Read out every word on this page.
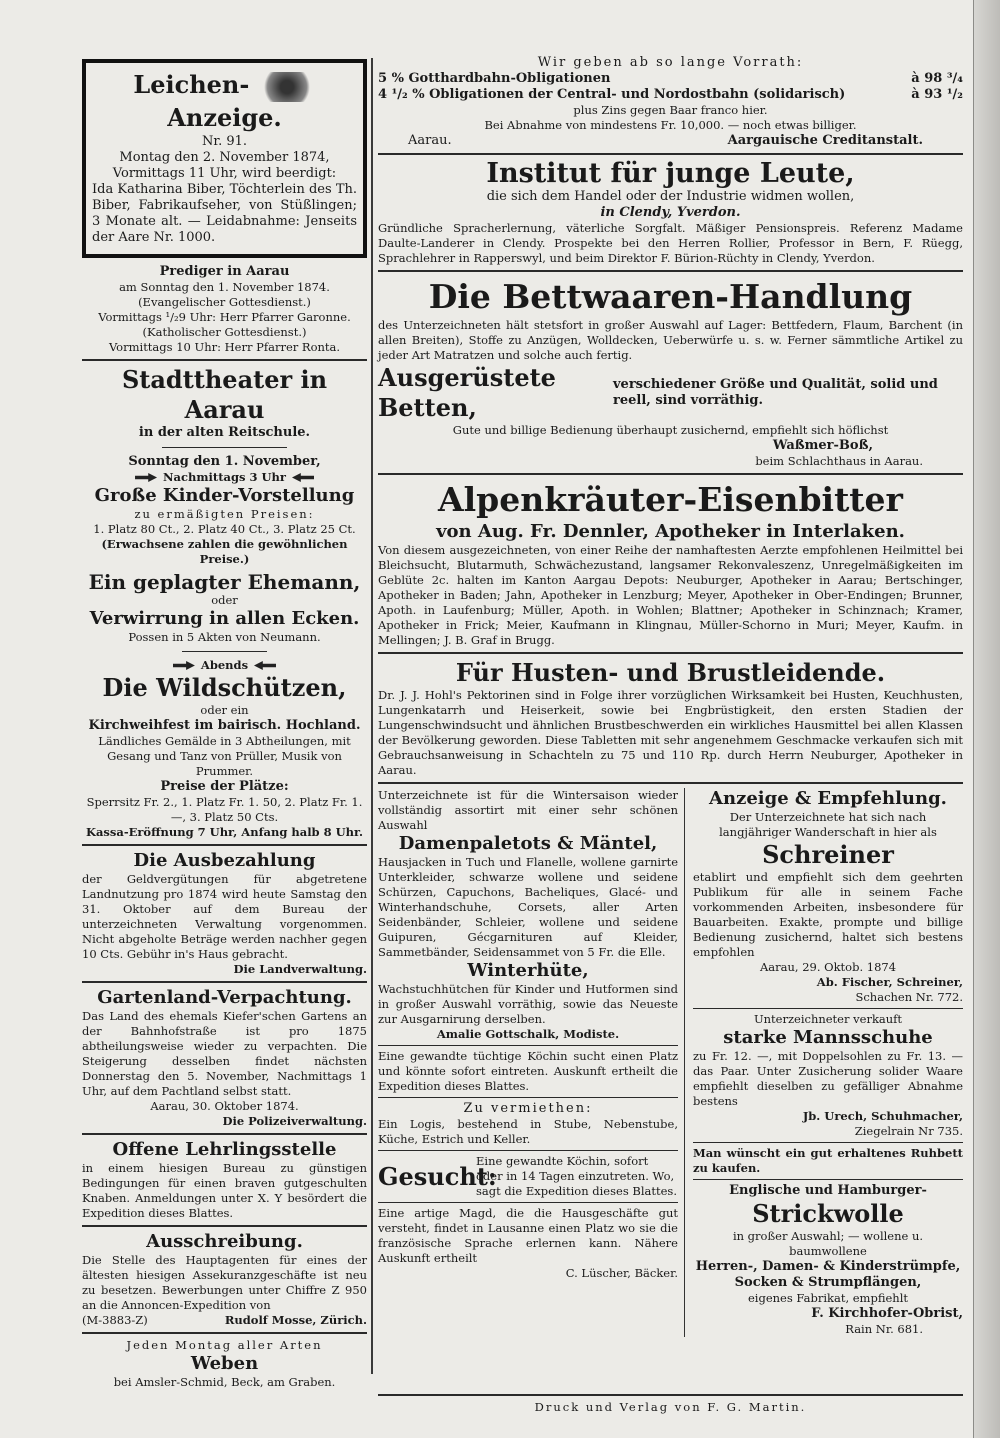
Leichen-  Anzeige.
Nr. 91.
Montag den 2. November 1874,
Vormittags 11 Uhr, wird beerdigt:
Ida Katharina Biber, Töchterlein des Th. Biber, Fabrikaufseher, von Stüßlingen; 3 Monate alt. — Leidabnahme: Jenseits der Aare Nr. 1000.
Prediger in Aarau
am Sonntag den 1. November 1874.
(Evangelischer Gottesdienst.)
Vormittags ¹/₂9 Uhr: Herr Pfarrer Garonne.
(Katholischer Gottesdienst.)
Vormittags 10 Uhr: Herr Pfarrer Ronta.
Stadttheater in Aarau
in der alten Reitschule.
Sonntag den 1. November,
Nachmittags 3 Uhr
Große Kinder-Vorstellung
zu ermäßigten Preisen:
1. Platz 80 Ct., 2. Platz 40 Ct., 3. Platz 25 Ct.
(Erwachsene zahlen die gewöhnlichen Preise.)
Ein geplagter Ehemann,
oder
Verwirrung in allen Ecken.
Possen in 5 Akten von Neumann.
Abends
Die Wildschützen,
oder ein
Kirchweihfest im bairisch. Hochland.
Ländliches Gemälde in 3 Abtheilungen, mit Gesang und Tanz von Prüller, Musik von Prummer.
Preise der Plätze:
Sperrsitz Fr. 2., 1. Platz Fr. 1. 50, 2. Platz Fr. 1. —, 3. Platz 50 Cts.
Kassa-Eröffnung 7 Uhr, Anfang halb 8 Uhr.
Die Ausbezahlung
der Geldvergütungen für abgetretene Landnutzung pro 1874 wird heute Samstag den 31. Oktober auf dem Bureau der unterzeichneten Verwaltung vorgenommen. Nicht abgeholte Beträge werden nachher gegen 10 Cts. Gebühr in's Haus gebracht.
Die Landverwaltung.
Gartenland-Verpachtung.
Das Land des ehemals Kiefer'schen Gartens an der Bahnhofstraße ist pro 1875 abtheilungsweise wieder zu verpachten. Die Steigerung desselben findet nächsten Donnerstag den 5. November, Nachmittags 1 Uhr, auf dem Pachtland selbst statt.
Aarau, 30. Oktober 1874.
Die Polizeiverwaltung.
Offene Lehrlingsstelle
in einem hiesigen Bureau zu günstigen Bedingungen für einen braven gutgeschulten Knaben. Anmeldungen unter X. Y besördert die Expedition dieses Blattes.
Ausschreibung.
Die Stelle des Hauptagenten für eines der ältesten hiesigen Assekuranzgeschäfte ist neu zu besetzen. Bewerbungen unter Chiffre Z 950 an die Annoncen-Expedition von
(M-3883-Z)	Rudolf Mosse, Zürich.
Jeden Montag aller Arten
Weben
bei Amsler-Schmid, Beck, am Graben.
Wir geben ab so lange Vorrath:
5 % Gotthardbahn-Obligationen	à 98 ³/₄
4 ¹/₂ % Obligationen der Central- und Nordostbahn (solidarisch)	à 93 ¹/₂
plus Zins gegen Baar franco hier.
Bei Abnahme von mindestens Fr. 10,000. — noch etwas billiger.
Aarau.	Aargauische Creditanstalt.
Institut für junge Leute,
die sich dem Handel oder der Industrie widmen wollen,
in Clendy, Yverdon.
Gründliche Spracherlernung, väterliche Sorgfalt. Mäßiger Pensionspreis. Referenz Madame Daulte-Landerer in Clendy. Prospekte bei den Herren Rollier, Professor in Bern, F. Rüegg, Sprachlehrer in Rapperswyl, und beim Direktor F. Bürion-Rüchty in Clendy, Yverdon.
Die Bettwaaren-Handlung
des Unterzeichneten hält stetsfort in großer Auswahl auf Lager: Bettfedern, Flaum, Barchent (in allen Breiten), Stoffe zu Anzügen, Wolldecken, Ueberwürfe u. s. w. Ferner sämmtliche Artikel zu jeder Art Matratzen und solche auch fertig.
Ausgerüstete Betten,
verschiedener Größe und Qualität, solid und reell, sind vorräthig.
Gute und billige Bedienung überhaupt zusichernd, empfiehlt sich höflichst
Waßmer-Boß,
beim Schlachthaus in Aarau.
Alpenkräuter-Eisenbitter
von Aug. Fr. Dennler, Apotheker in Interlaken.
Von diesem ausgezeichneten, von einer Reihe der namhaftesten Aerzte empfohlenen Heilmittel bei Bleichsucht, Blutarmuth, Schwächezustand, langsamer Rekonvaleszenz, Unregelmäßigkeiten im Geblüte 2c. halten im Kanton Aargau Depots: Neuburger, Apotheker in Aarau; Bertschinger, Apotheker in Baden; Jahn, Apotheker in Lenzburg; Meyer, Apotheker in Ober-Endingen; Brunner, Apoth. in Laufenburg; Müller, Apoth. in Wohlen; Blattner; Apotheker in Schinznach; Kramer, Apotheker in Frick; Meier, Kaufmann in Klingnau, Müller-Schorno in Muri; Meyer, Kaufm. in Mellingen; J. B. Graf in Brugg.
Für Husten- und Brustleidende.
Dr. J. J. Hohl's Pektorinen sind in Folge ihrer vorzüglichen Wirksamkeit bei Husten, Keuchhusten, Lungenkatarrh und Heiserkeit, sowie bei Engbrüstigkeit, den ersten Stadien der Lungenschwindsucht und ähnlichen Brustbeschwerden ein wirkliches Hausmittel bei allen Klassen der Bevölkerung geworden. Diese Tabletten mit sehr angenehmem Geschmacke verkaufen sich mit Gebrauchsanweisung in Schachteln zu 75 und 110 Rp. durch Herrn Neuburger, Apotheker in Aarau.
Unterzeichnete ist für die Wintersaison wieder vollständig assortirt mit einer sehr schönen Auswahl
Damenpaletots & Mäntel,
Hausjacken in Tuch und Flanelle, wollene garnirte Unterkleider, schwarze wollene und seidene Schürzen, Capuchons, Bacheliques, Glacé- und Winterhandschuhe, Corsets, aller Arten Seidenbänder, Schleier, wollene und seidene Guipuren, Gécgarnituren auf Kleider, Sammetbänder, Seidensammet von 5 Fr. die Elle.
Winterhüte,
Wachstuchhütchen für Kinder und Hutformen sind in großer Auswahl vorräthig, sowie das Neueste zur Ausgarnirung derselben.
Amalie Gottschalk, Modiste.
Eine gewandte tüchtige Köchin sucht einen Platz und könnte sofort eintreten. Auskunft ertheilt die Expedition dieses Blattes.
Zu vermiethen:
Ein Logis, bestehend in Stube, Nebenstube, Küche, Estrich und Keller.
Gesucht:
Eine gewandte Köchin, sofort oder in 14 Tagen einzutreten. Wo, sagt die Expedition dieses Blattes.
Eine artige Magd, die die Hausgeschäfte gut versteht, findet in Lausanne einen Platz wo sie die französische Sprache erlernen kann. Nähere Auskunft ertheilt
C. Lüscher, Bäcker.
Anzeige & Empfehlung.
Der Unterzeichnete hat sich nach langjähriger Wanderschaft in hier als
Schreiner
etablirt und empfiehlt sich dem geehrten Publikum für alle in seinem Fache vorkommenden Arbeiten, insbesondere für Bauarbeiten. Exakte, prompte und billige Bedienung zusichernd, haltet sich bestens empfohlen
Aarau, 29. Oktob. 1874
Ab. Fischer, Schreiner,
Schachen Nr. 772.
Unterzeichneter verkauft
starke Mannsschuhe
zu Fr. 12. —, mit Doppelsohlen zu Fr. 13. — das Paar. Unter Zusicherung solider Waare empfiehlt dieselben zu gefälliger Abnahme bestens
Jb. Urech, Schuhmacher,
Ziegelrain Nr 735.
Man wünscht ein gut erhaltenes Ruhbett zu kaufen.
Englische und Hamburger-
Strickwolle
in großer Auswahl; — wollene u. baumwollene
Herren-, Damen- & Kinderstrümpfe, Socken & Strumpflängen,
eigenes Fabrikat, empfiehlt
F. Kirchhofer-Obrist,
Rain Nr. 681.
Druck und Verlag von F. G. Martin.
